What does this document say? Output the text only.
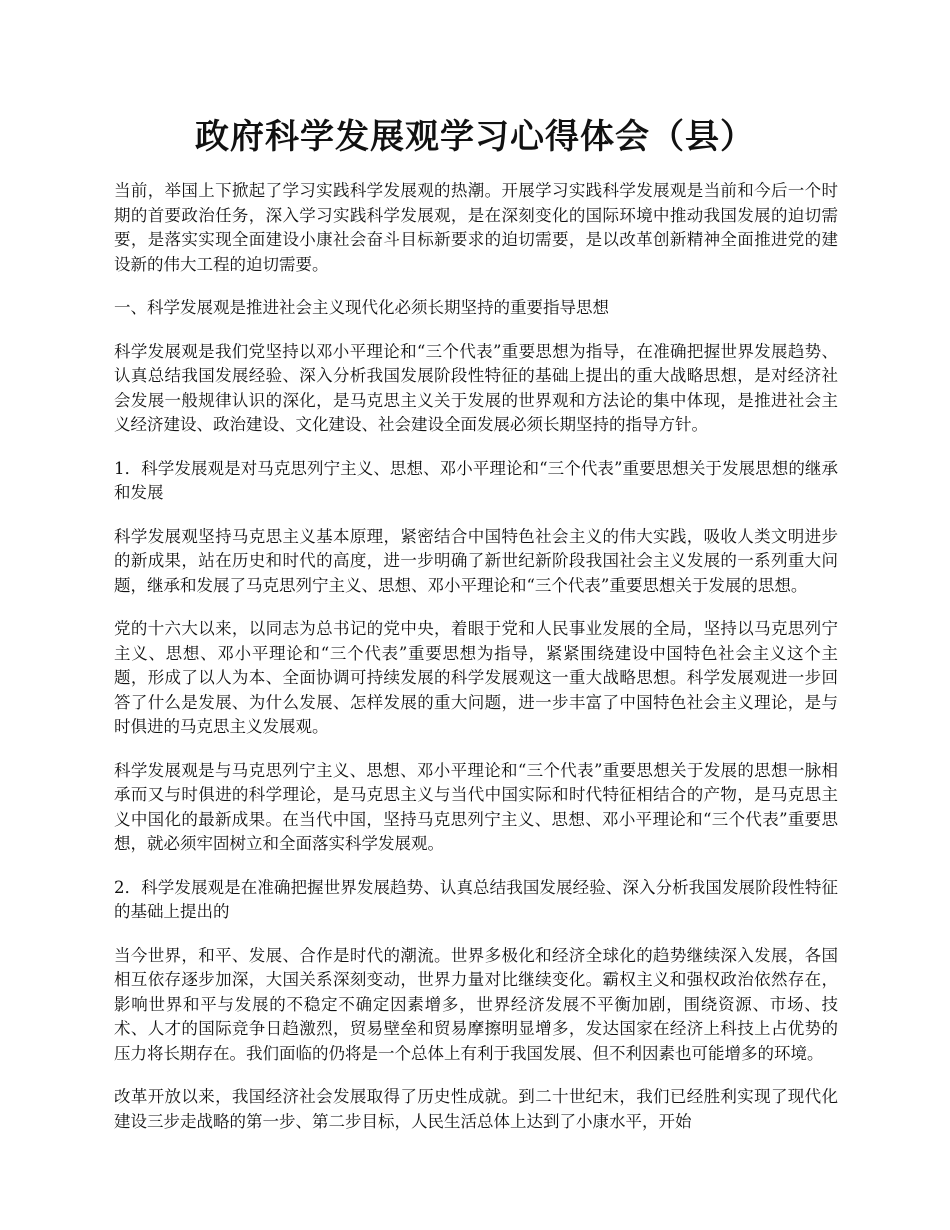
政府科学发展观学习心得体会（县）

当前，举国上下掀起了学习实践科学发展观的热潮。开展学习实践科学发展观是当前和今后一个时期的首要政治任务，深入学习实践科学发展观，是在深刻变化的国际环境中推动我国发展的迫切需要，是落实实现全面建设小康社会奋斗目标新要求的迫切需要，是以改革创新精神全面推进党的建设新的伟大工程的迫切需要。

一、科学发展观是推进社会主义现代化必须长期坚持的重要指导思想

科学发展观是我们党坚持以邓小平理论和“三个代表”重要思想为指导，在准确把握世界发展趋势、认真总结我国发展经验、深入分析我国发展阶段性特征的基础上提出的重大战略思想，是对经济社会发展一般规律认识的深化，是马克思主义关于发展的世界观和方法论的集中体现，是推进社会主义经济建设、政治建设、文化建设、社会建设全面发展必须长期坚持的指导方针。

1．科学发展观是对马克思列宁主义、思想、邓小平理论和“三个代表”重要思想关于发展思想的继承和发展

科学发展观坚持马克思主义基本原理，紧密结合中国特色社会主义的伟大实践，吸收人类文明进步的新成果，站在历史和时代的高度，进一步明确了新世纪新阶段我国社会主义发展的一系列重大问题，继承和发展了马克思列宁主义、思想、邓小平理论和“三个代表”重要思想关于发展的思想。

党的十六大以来，以同志为总书记的党中央，着眼于党和人民事业发展的全局，坚持以马克思列宁主义、思想、邓小平理论和“三个代表”重要思想为指导，紧紧围绕建设中国特色社会主义这个主题，形成了以人为本、全面协调可持续发展的科学发展观这一重大战略思想。科学发展观进一步回答了什么是发展、为什么发展、怎样发展的重大问题，进一步丰富了中国特色社会主义理论，是与时俱进的马克思主义发展观。

科学发展观是与马克思列宁主义、思想、邓小平理论和“三个代表”重要思想关于发展的思想一脉相承而又与时俱进的科学理论，是马克思主义与当代中国实际和时代特征相结合的产物，是马克思主义中国化的最新成果。在当代中国，坚持马克思列宁主义、思想、邓小平理论和“三个代表”重要思想，就必须牢固树立和全面落实科学发展观。

2．科学发展观是在准确把握世界发展趋势、认真总结我国发展经验、深入分析我国发展阶段性特征的基础上提出的

当今世界，和平、发展、合作是时代的潮流。世界多极化和经济全球化的趋势继续深入发展，各国相互依存逐步加深，大国关系深刻变动，世界力量对比继续变化。霸权主义和强权政治依然存在，影响世界和平与发展的不稳定不确定因素增多，世界经济发展不平衡加剧，围绕资源、市场、技术、人才的国际竞争日趋激烈，贸易壁垒和贸易摩擦明显增多，发达国家在经济上科技上占优势的压力将长期存在。我们面临的仍将是一个总体上有利于我国发展、但不利因素也可能增多的环境。

改革开放以来，我国经济社会发展取得了历史性成就。到二十世纪末，我们已经胜利实现了现代化建设三步走战略的第一步、第二步目标，人民生活总体上达到了小康水平，开始
